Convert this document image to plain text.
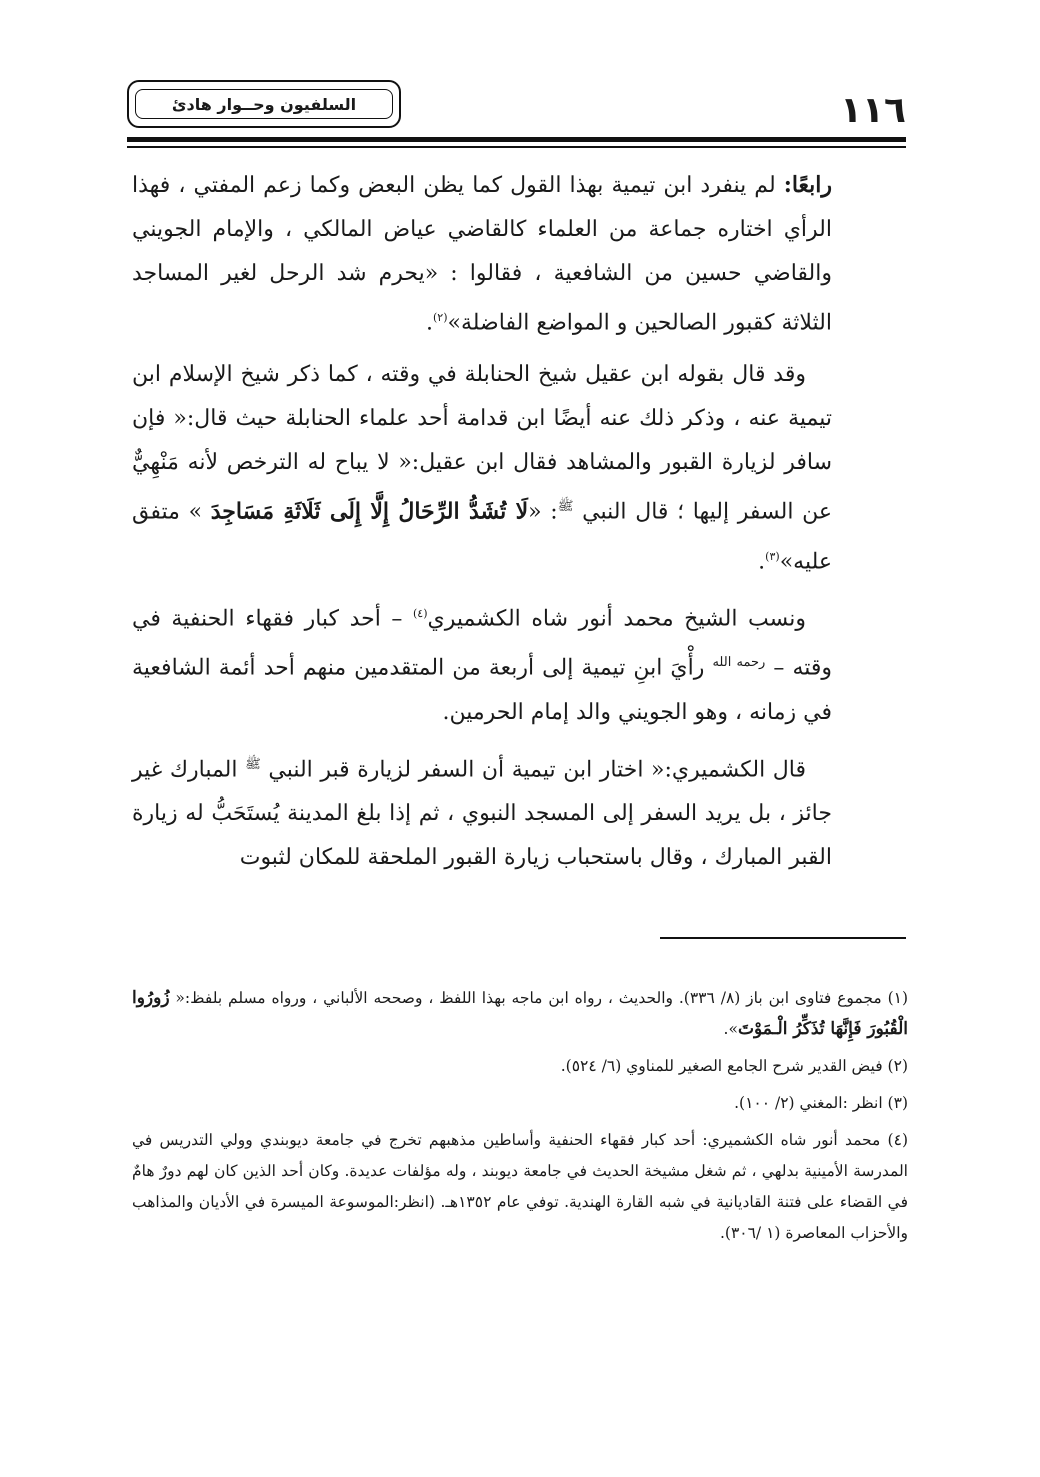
السلفيون وحــوار هادئ	١١٦

رابعًا: لم ينفرد ابن تيمية بهذا القول كما يظن البعض وكما زعم المفتي ، فهذا الرأي اختاره جماعة من العلماء كالقاضي عياض المالكي ، والإمام الجويني والقاضي حسين من الشافعية ، فقالوا : «يحرم شد الرحل لغير المساجد الثلاثة كقبور الصالحين و المواضع الفاضلة»$^{(٢)}$.

وقد قال بقوله ابن عقيل شيخ الحنابلة في وقته ، كما ذكر شيخ الإسلام ابن تيمية عنه ، وذكر ذلك عنه أيضًا ابن قدامة أحد علماء الحنابلة حيث قال:« فإن سافر لزيارة القبور والمشاهد فقال ابن عقيل:« لا يباح له الترخص لأنه مَنْهِيٌّ عن السفر إليها ؛ قال النبي $^ﷺ$: «لَا تُشَدُّ الرِّحَالُ إِلَّا إِلَى ثَلَاثَةِ مَسَاجِدَ » متفق عليه»$^{(٣)}$.

ونسب الشيخ محمد أنور شاه الكشميري$^{(٤)}$ – أحد كبار فقهاء الحنفية في وقته – $^{رحمه الله}$ رأْيَ ابنِ تيمية إلى أربعة من المتقدمين منهم أحد أئمة الشافعية في زمانه ، وهو الجويني والد إمام الحرمين.

قال الكشميري:« اختار ابن تيمية أن السفر لزيارة قبر النبي $^ﷺ$ المبارك غير جائز ، بل يريد السفر إلى المسجد النبوي ، ثم إذا بلغ المدينة يُستَحَبُّ له زيارة القبر المبارك ، وقال باستحباب زيارة القبور الملحقة للمكان لثبوت

(١) مجموع فتاوى ابن باز (٨/ ٣٣٦). والحديث ، رواه ابن ماجه بهذا اللفظ ، وصححه الألباني ، ورواه مسلم بلفظ:« زُورُوا الْقُبُورَ فَإِنَّهَا تُذَكِّرُ الْـمَوْتَ».

(٢) فيض القدير شرح الجامع الصغير للمناوي (٦/ ٥٢٤).

(٣) انظر :المغني (٢/ ١٠٠).

(٤) محمد أنور شاه الكشميري: أحد كبار فقهاء الحنفية وأساطين مذهبهم تخرج في جامعة ديوبندي وولي التدريس في المدرسة الأمينية بدلهي ، ثم شغل مشيخة الحديث في جامعة ديوبند ، وله مؤلفات عديدة. وكان أحد الذين كان لهم دورٌ هامٌ في القضاء على فتنة القاديانية في شبه القارة الهندية. توفي عام ١٣٥٢هـ. (انظر:الموسوعة الميسرة في الأديان والمذاهب والأحزاب المعاصرة (١ /٣٠٦).
